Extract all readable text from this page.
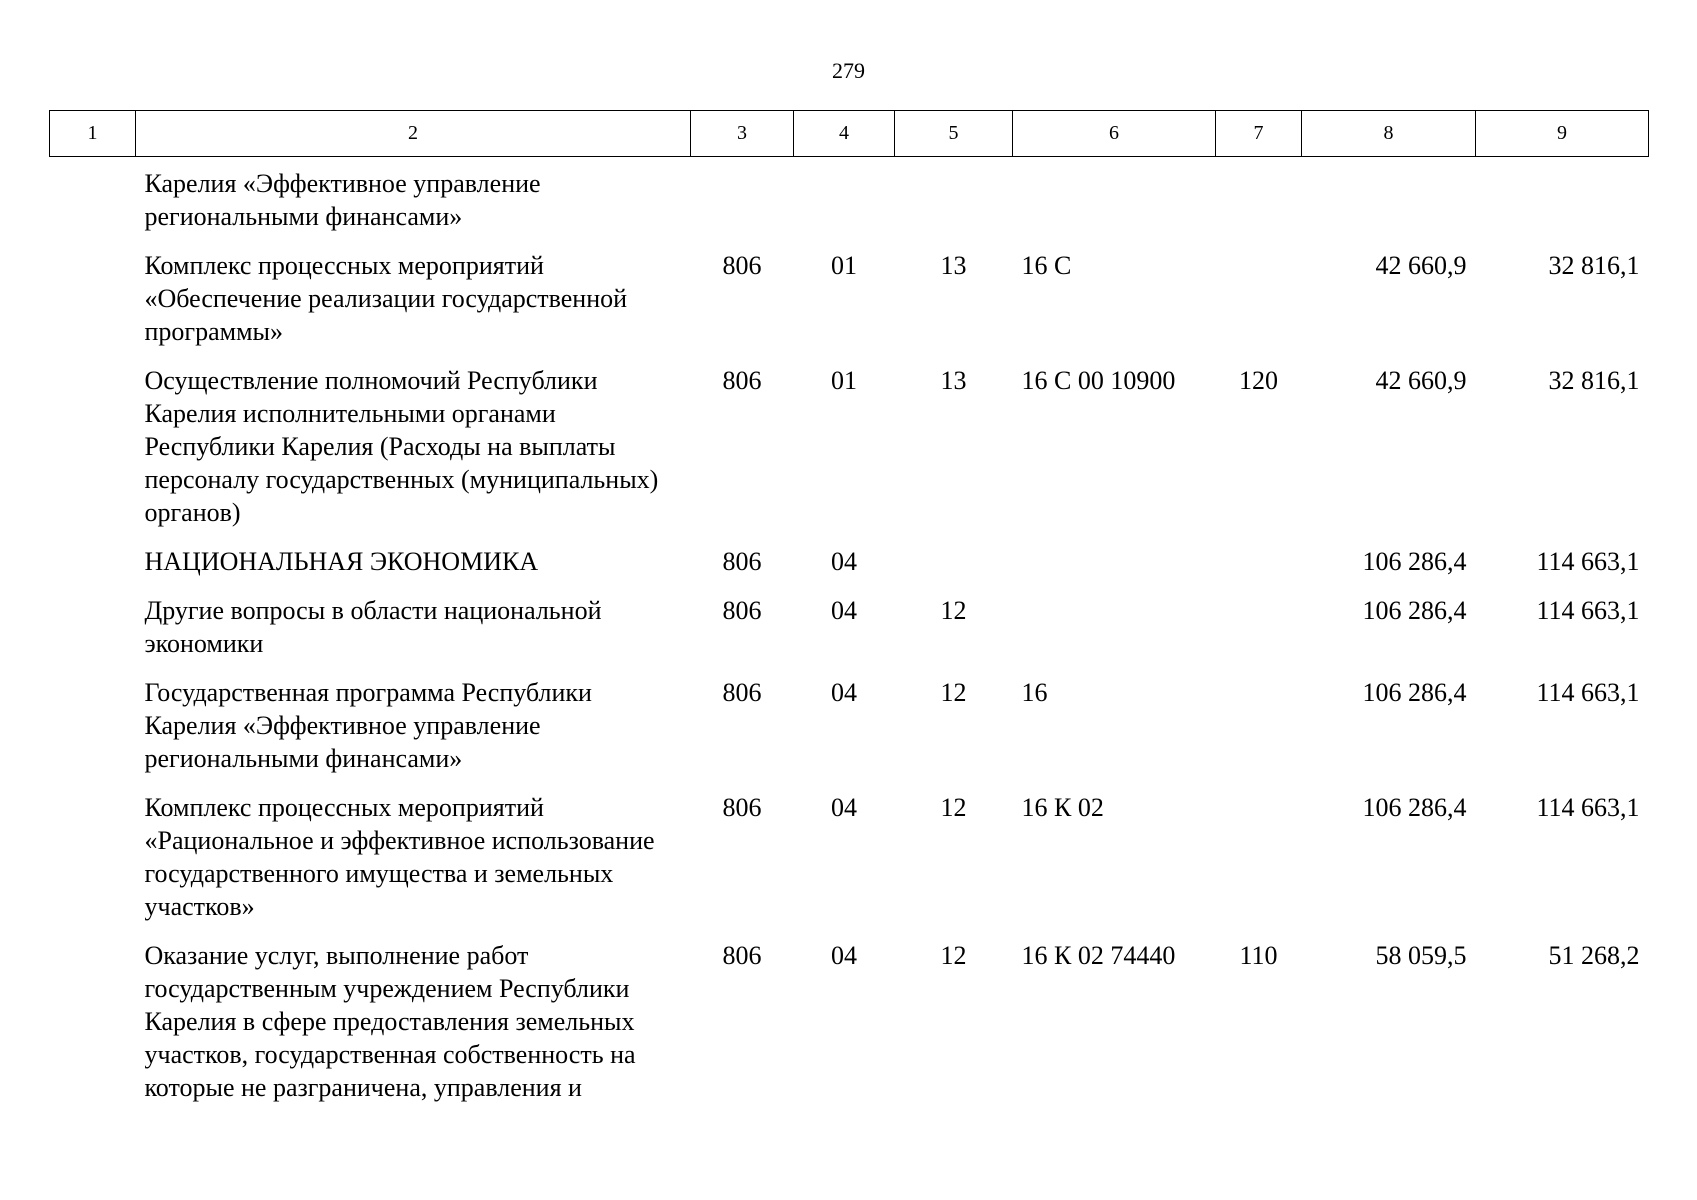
279
1	2	3	4	5	6	7	8	9
	Карелия «Эффективное управление региональными финансами»							
	Комплекс процессных мероприятий «Обеспечение реализации государственной программы»	806	01	13	16 С		42 660,9	32 816,1
	Осуществление полномочий Республики Карелия исполнительными органами Республики Карелия (Расходы на выплаты персоналу государственных (муниципальных) органов)	806	01	13	16 С 00 10900	120	42 660,9	32 816,1
	НАЦИОНАЛЬНАЯ ЭКОНОМИКА	806	04				106 286,4	114 663,1
	Другие вопросы в области национальной экономики	806	04	12			106 286,4	114 663,1
	Государственная программа Республики Карелия «Эффективное управление региональными финансами»	806	04	12	16		106 286,4	114 663,1
	Комплекс процессных мероприятий «Рациональное и эффективное использование государственного имущества и земельных участков»	806	04	12	16 К 02		106 286,4	114 663,1
	Оказание услуг, выполнение работ государственным учреждением Республики Карелия в сфере предоставления земельных участков, государственная собственность на которые не разграничена, управления и	806	04	12	16 К 02 74440	110	58 059,5	51 268,2
